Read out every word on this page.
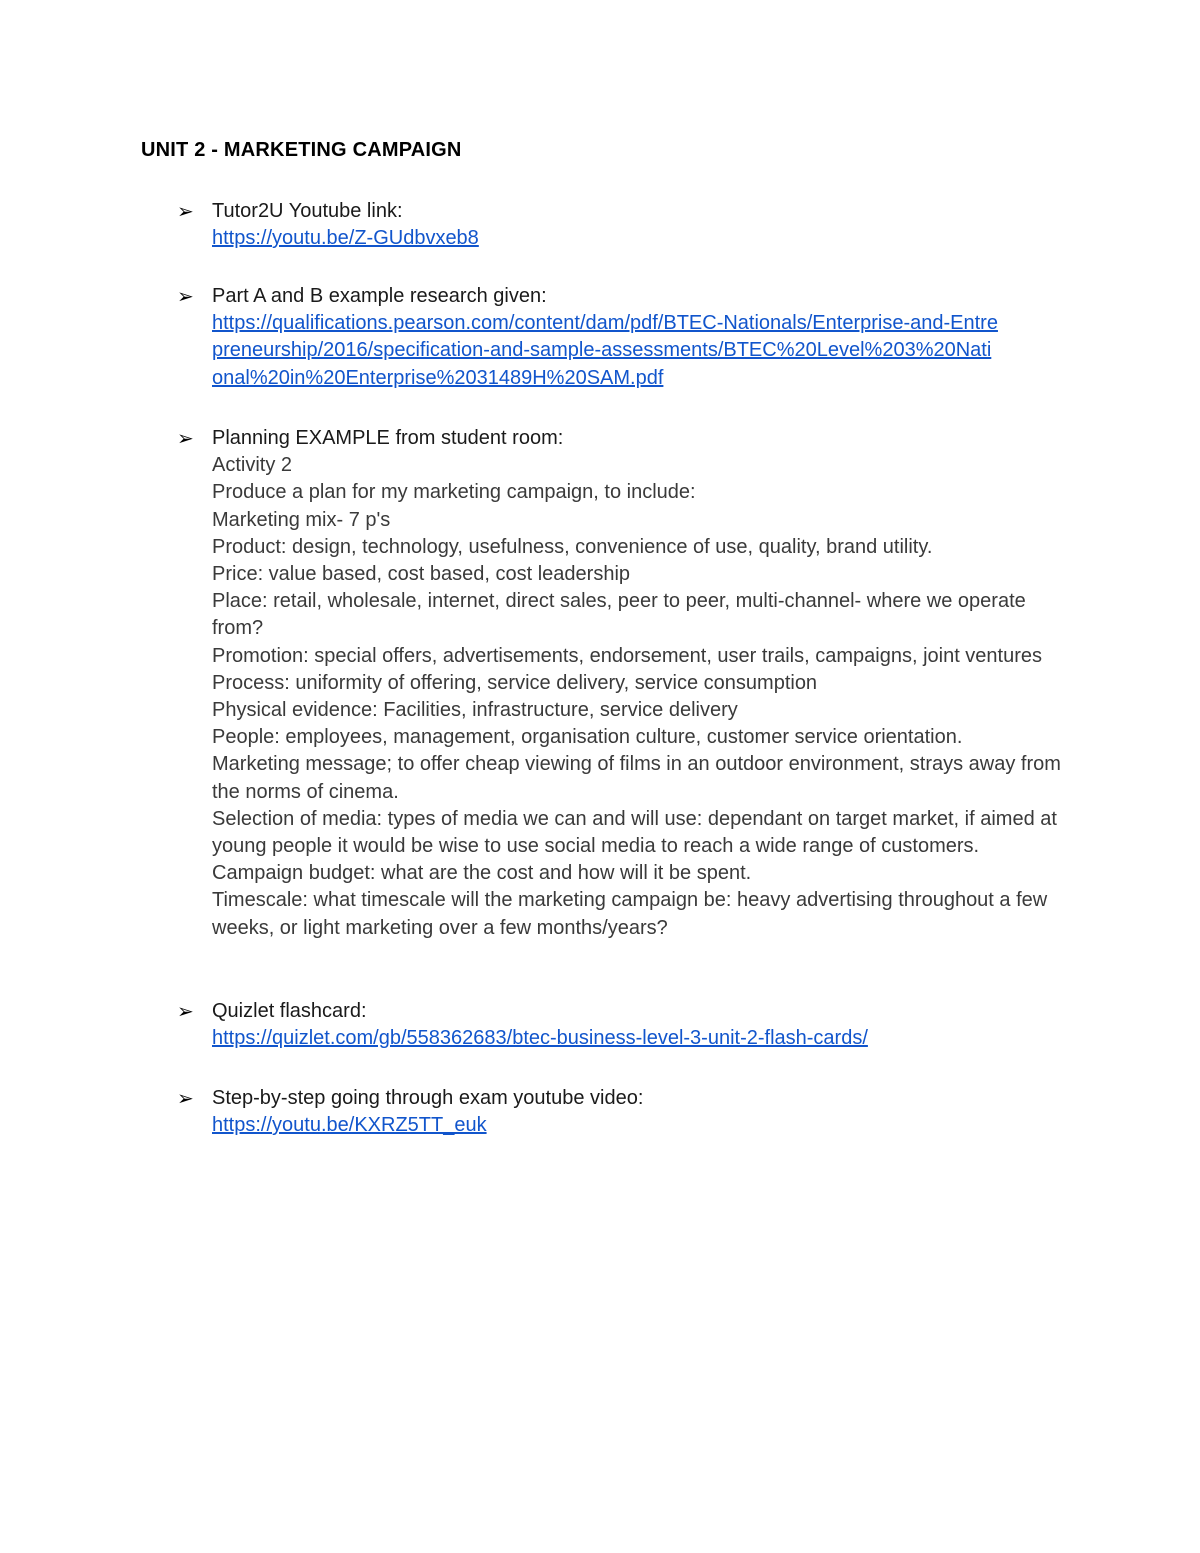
UNIT 2 - MARKETING CAMPAIGN
➢ Tutor2U Youtube link:
https://youtu.be/Z-GUdbvxeb8
➢ Part A and B example research given:
https://qualifications.pearson.com/content/dam/pdf/BTEC-Nationals/Enterprise-and-Entre
preneurship/2016/specification-and-sample-assessments/BTEC%20Level%203%20Nati
onal%20in%20Enterprise%2031489H%20SAM.pdf
➢ Planning EXAMPLE from student room:
Activity 2
Produce a plan for my marketing campaign, to include:
Marketing mix- 7 p's
Product: design, technology, usefulness, convenience of use, quality, brand utility.
Price: value based, cost based, cost leadership
Place: retail, wholesale, internet, direct sales, peer to peer, multi-channel- where we operate from?
Promotion: special offers, advertisements, endorsement, user trails, campaigns, joint ventures
Process: uniformity of offering, service delivery, service consumption
Physical evidence: Facilities, infrastructure, service delivery
People: employees, management, organisation culture, customer service orientation.
Marketing message; to offer cheap viewing of films in an outdoor environment, strays away from the norms of cinema.
Selection of media: types of media we can and will use: dependant on target market, if aimed at young people it would be wise to use social media to reach a wide range of customers.
Campaign budget: what are the cost and how will it be spent.
Timescale: what timescale will the marketing campaign be: heavy advertising throughout a few weeks, or light marketing over a few months/years?
➢ Quizlet flashcard:
https://quizlet.com/gb/558362683/btec-business-level-3-unit-2-flash-cards/
➢ Step-by-step going through exam youtube video:
https://youtu.be/KXRZ5TT_euk
